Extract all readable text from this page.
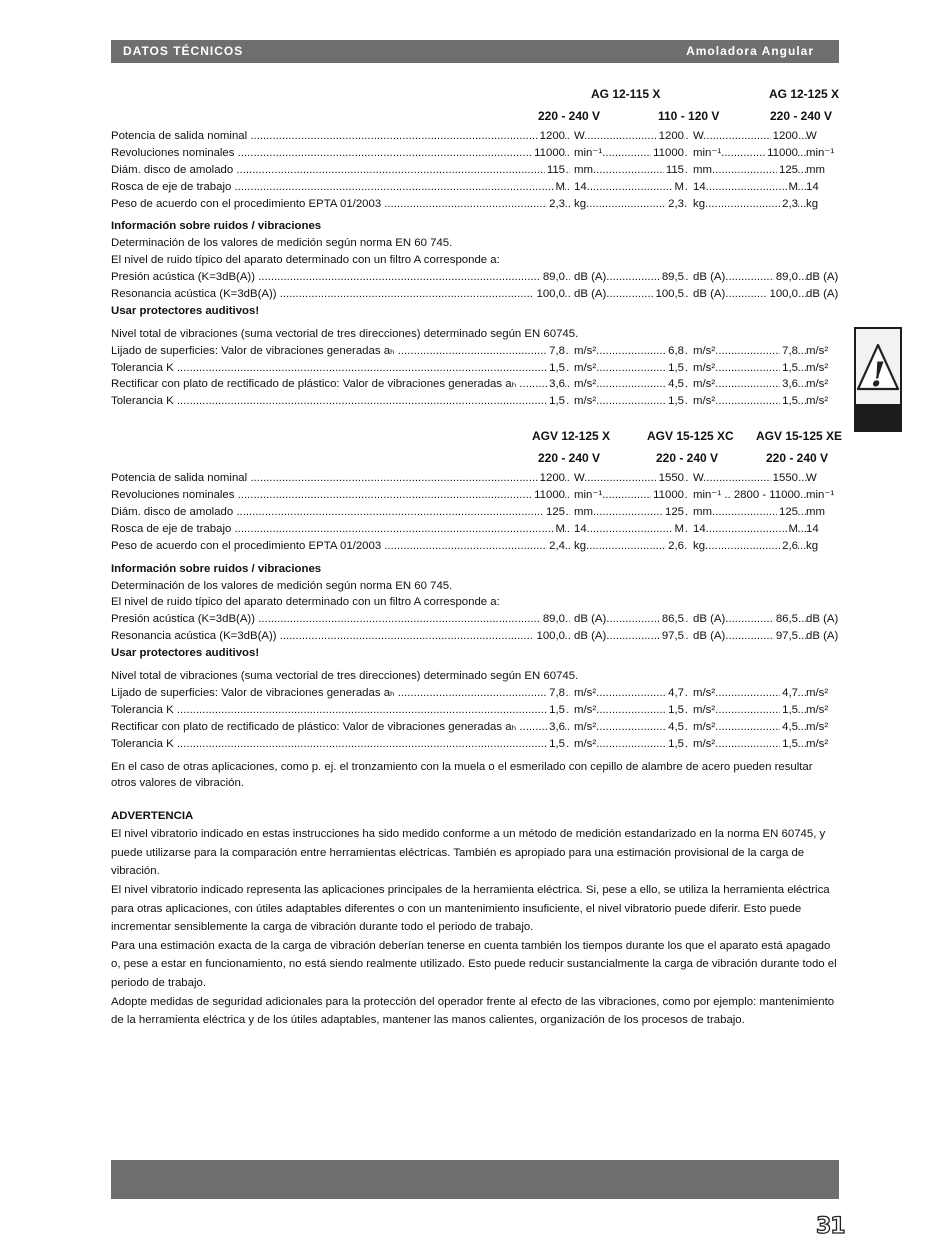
DATOS TÉCNICOS	Amoladora Angular
!
AG 12-115 X	AG 12-125 X
220 - 240 V	110 - 120 V	220 - 240 V
Potencia de salida nominal .....	1200 W .....	1200 W .....	1200 W
Revoluciones nominales .....	11000 min⁻¹ .....	11000 min⁻¹ .....	11000 min⁻¹
Diám. disco de amolado .....	115 mm .....	115 mm .....	125 mm
Rosca de eje de trabajo .....	M 14 .....	M 14 .....	M 14
Peso de acuerdo con el procedimiento EPTA 01/2003 .....	2,3 kg .....	2,3 kg .....	2,3 kg
Información sobre ruidos / vibraciones
Determinación de los valores de medición según norma EN 60 745.
El nivel de ruido típico del aparato determinado con un filtro A corresponde a:
Presión acústica (K=3dB(A)) .....	89,0 dB (A) .....	89,5 dB (A) .....	89,0 dB (A)
Resonancia acústica (K=3dB(A)) .....	100,0 dB (A) .....	100,5 dB (A) .....	100,0 dB (A)
Usar protectores auditivos!
Nivel total de vibraciones (suma vectorial de tres direcciones) determinado según EN 60745.
Lijado de superficies: Valor de vibraciones generadas aₕ .....	7,8 m/s² .....	6,8 m/s² .....	7,8 m/s²
Tolerancia K .....	1,5 m/s² .....	1,5 m/s² .....	1,5 m/s²
Rectificar con plato de rectificado de plástico: Valor de vibraciones generadas aₕ .....	3,6 m/s² .....	4,5 m/s² .....	3,6 m/s²
Tolerancia K .....	1,5 m/s² .....	1,5 m/s² .....	1,5 m/s²
AGV 12-125 X	AGV 15-125 XC AGV 15-125 XE
220 - 240 V	220 - 240 V	220 - 240 V
Potencia de salida nominal .....	1200 W .....	1550 W .....	1550 W
Revoluciones nominales .....	11000 min⁻¹ .....	11000 min⁻¹ .. 2800 - 11000 ..... min⁻¹
Diám. disco de amolado .....	125 mm .....	125 mm .....	125 mm
Rosca de eje de trabajo .....	M 14 .....	M 14 .....	M 14
Peso de acuerdo con el procedimiento EPTA 01/2003 .....	2,4 kg .....	2,6 kg .....	2,6 kg
Información sobre ruidos / vibraciones
Determinación de los valores de medición según norma EN 60 745.
El nivel de ruido típico del aparato determinado con un filtro A corresponde a:
Presión acústica (K=3dB(A)) .....	89,0 dB (A) .....	86,5 dB (A) .....	86,5 dB (A)
Resonancia acústica (K=3dB(A)) .....	100,0 dB (A) .....	97,5 dB (A) .....	97,5 dB (A)
Usar protectores auditivos!
Nivel total de vibraciones (suma vectorial de tres direcciones) determinado según EN 60745.
Lijado de superficies: Valor de vibraciones generadas aₕ .....	7,8 m/s² .....	4,7 m/s² .....	4,7 m/s²
Tolerancia K .....	1,5 m/s² .....	1,5 m/s² .....	1,5 m/s²
Rectificar con plato de rectificado de plástico: Valor de vibraciones generadas aₕ .....	3,6 m/s² .....	4,5 m/s² .....	4,5 m/s²
Tolerancia K .....	1,5 m/s² .....	1,5 m/s² .....	1,5 m/s²
En el caso de otras aplicaciones, como p. ej. el tronzamiento con la muela o el esmerilado con cepillo de alambre de acero pueden resultar otros valores de vibración.
ADVERTENCIA
El nivel vibratorio indicado en estas instrucciones ha sido medido conforme a un método de medición estandarizado en la norma EN 60745, y puede utilizarse para la comparación entre herramientas eléctricas. También es apropiado para una estimación provisional de la carga de vibración.
El nivel vibratorio indicado representa las aplicaciones principales de la herramienta eléctrica. Si, pese a ello, se utiliza la herramienta eléctrica para otras aplicaciones, con útiles adaptables diferentes o con un mantenimiento insuficiente, el nivel vibratorio puede diferir. Esto puede incrementar sensiblemente la carga de vibración durante todo el periodo de trabajo.
Para una estimación exacta de la carga de vibración deberían tenerse en cuenta también los tiempos durante los que el aparato está apagado o, pese a estar en funcionamiento, no está siendo realmente utilizado. Esto puede reducir sustancialmente la carga de vibración durante todo el periodo de trabajo.
Adopte medidas de seguridad adicionales para la protección del operador frente al efecto de las vibraciones, como por ejemplo: mantenimiento de la herramienta eléctrica y de los útiles adaptables, mantener las manos calientes, organización de los procesos de trabajo.
31
